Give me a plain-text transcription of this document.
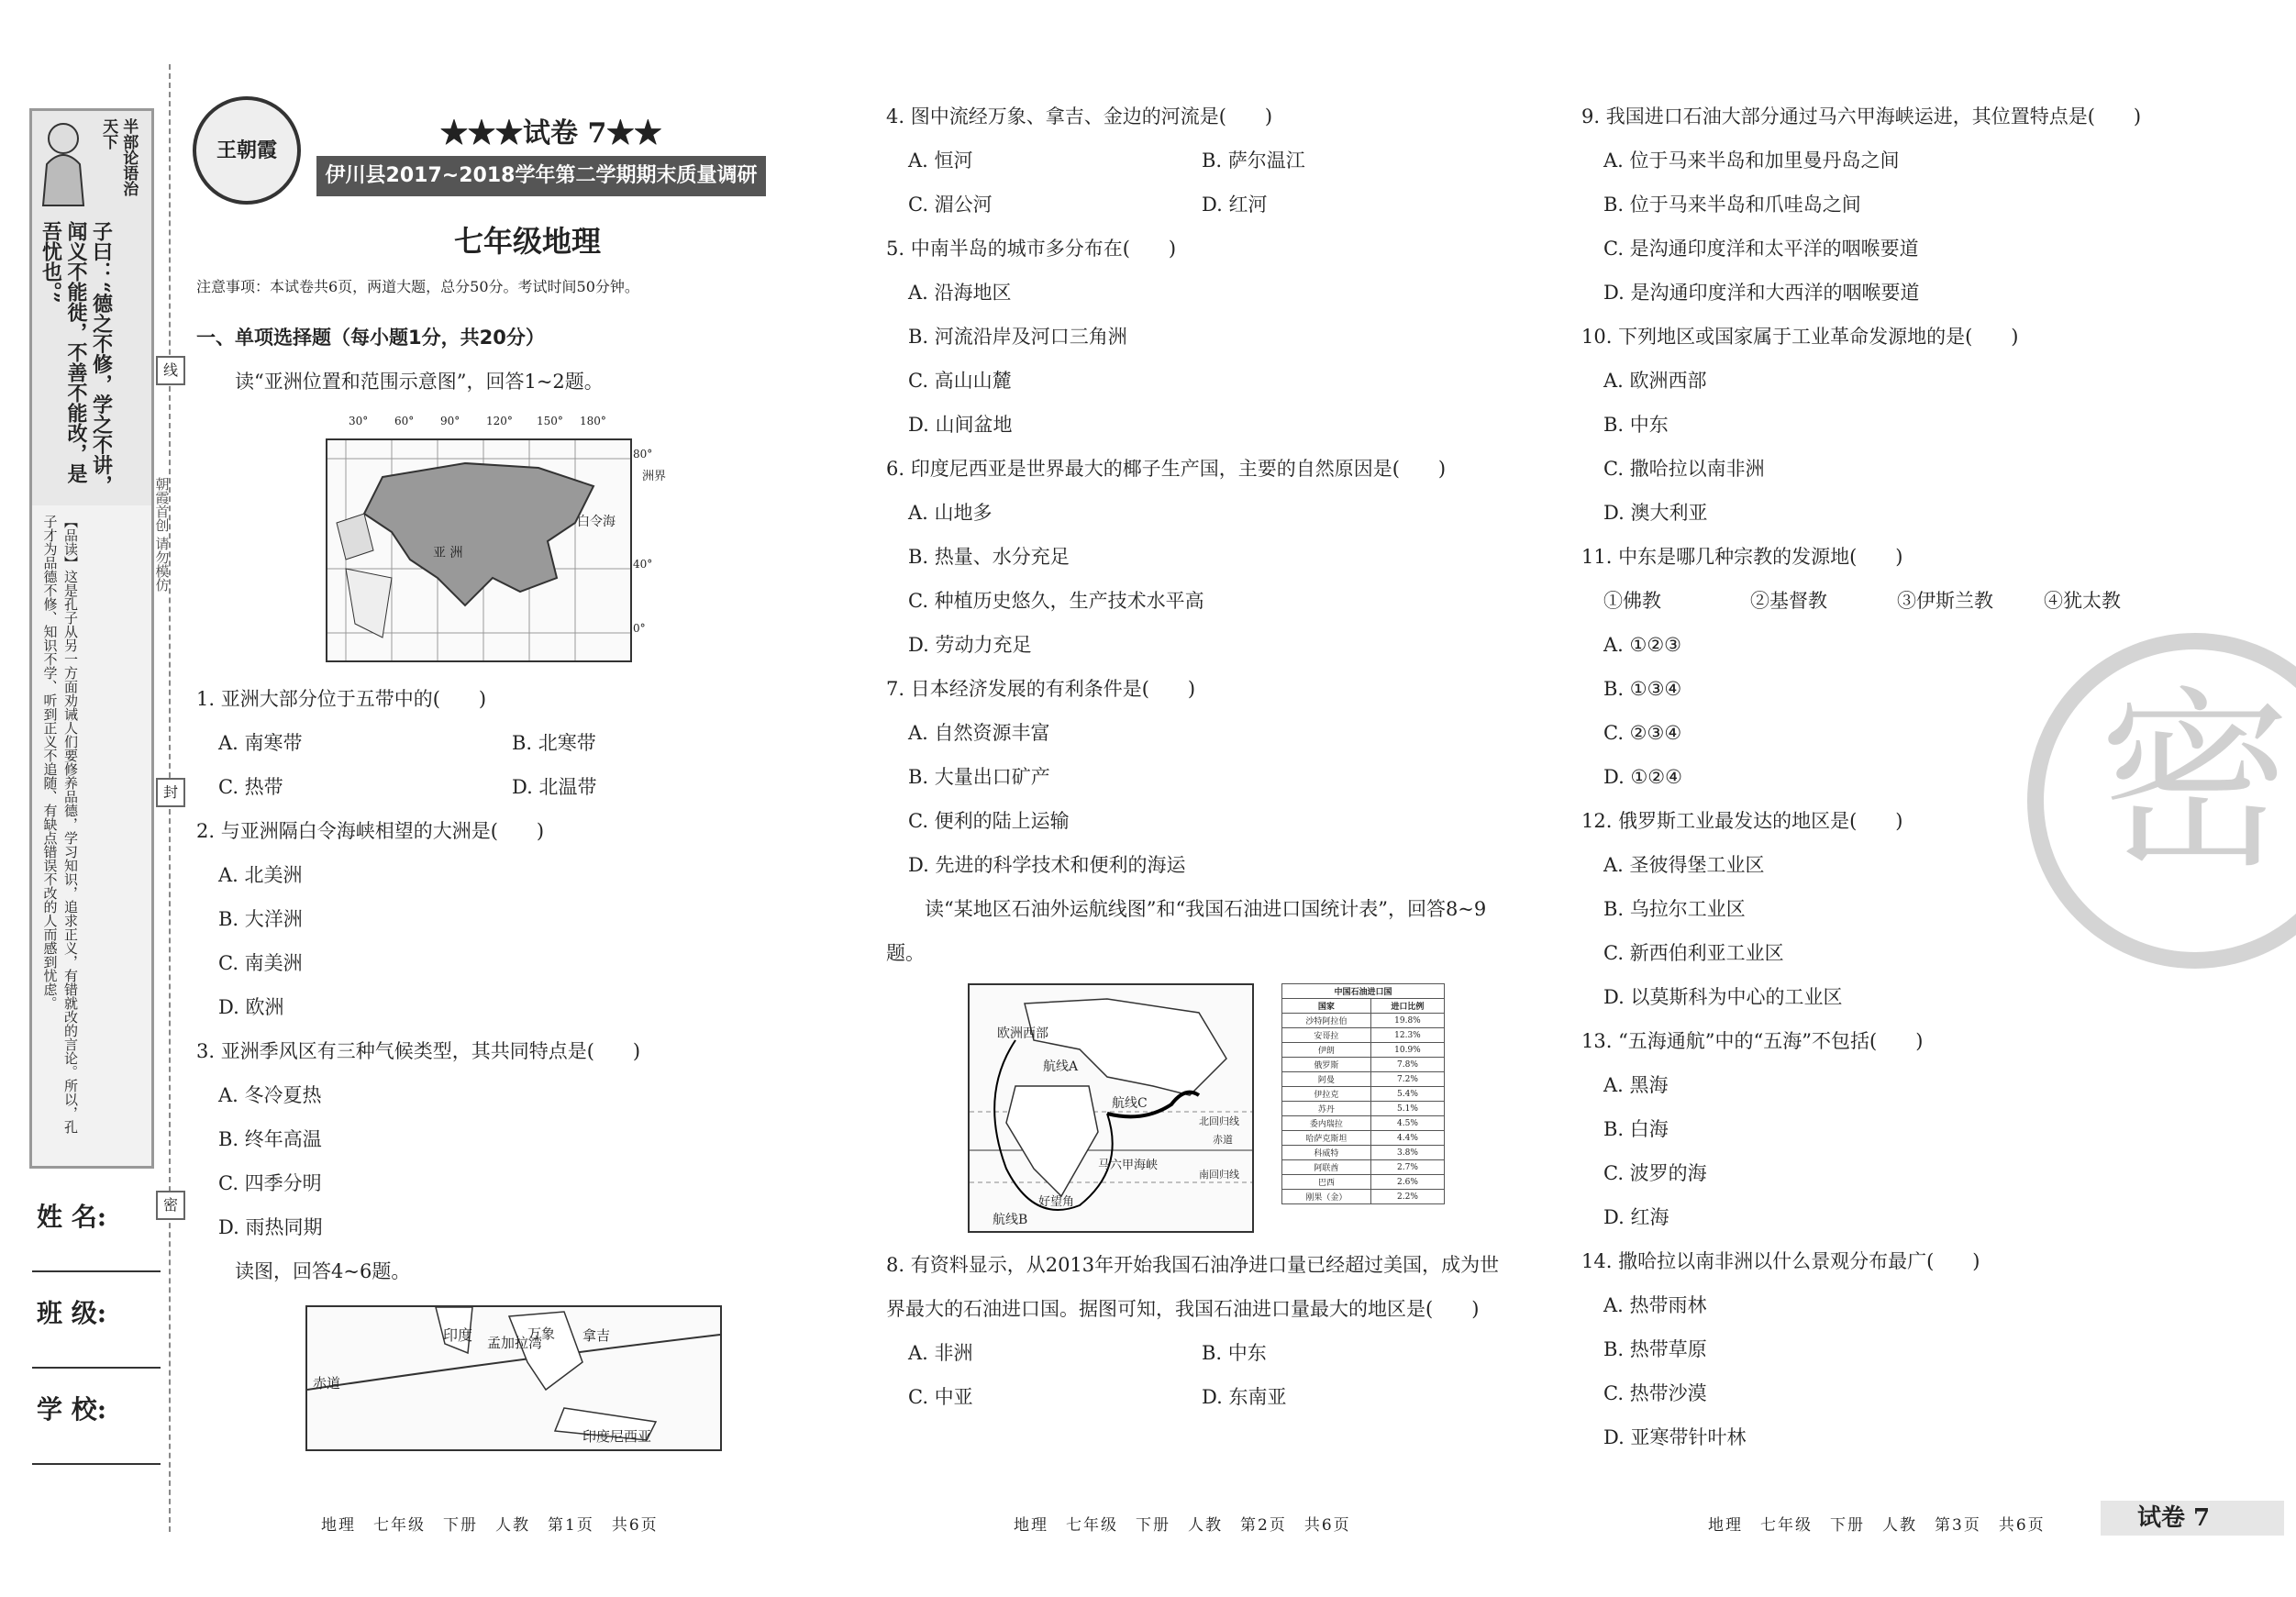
半部论语治天下
子曰：“德之不修，学之不讲，闻义不能徙，不善不能改，是吾忧也。”
【品读】这是孔子从另一方面劝诫人们要修养品德，学习知识，追求正义，有错就改的言论。所以，孔子才为品德不修、知识不学、听到正义不追随、有缺点错误不改的人而感到忧虑。	朝霞首创 请勿模仿
线
封
密
姓 名:
班 级:
学 校:
王朝霞
★★★试卷 7★★
伊川县2017~2018学年第二学期期末质量调研检测试卷
七年级地理
注意事项：本试卷共6页，两道大题，总分50分。考试时间50分钟。
一、单项选择题（每小题1分，共20分）
读“亚洲位置和范围示意图”，回答1~2题。
亚 洲
白令海
30° 60° 90° 120° 150° 180°
80°
40°
0°
洲界
1. 亚洲大部分位于五带中的(　　)
A. 南寒带	B. 北寒带
C. 热带	D. 北温带
2. 与亚洲隔白令海峡相望的大洲是(　　)
A. 北美洲
B. 大洋洲
C. 南美洲
D. 欧洲
3. 亚洲季风区有三种气候类型，其共同特点是(　　)
A. 冬冷夏热
B. 终年高温
C. 四季分明
D. 雨热同期
读图，回答4~6题。
印度 孟加拉湾
万象 拿吉
赤道
印度尼西亚
4. 图中流经万象、拿吉、金边的河流是(　　)
A. 恒河	B. 萨尔温江
C. 湄公河	D. 红河
5. 中南半岛的城市多分布在(　　)
A. 沿海地区
B. 河流沿岸及河口三角洲
C. 高山山麓
D. 山间盆地
6. 印度尼西亚是世界最大的椰子生产国，主要的自然原因是(　　)
A. 山地多
B. 热量、水分充足
C. 种植历史悠久，生产技术水平高
D. 劳动力充足
7. 日本经济发展的有利条件是(　　)
A. 自然资源丰富
B. 大量出口矿产
C. 便利的陆上运输
D. 先进的科学技术和便利的海运
读“某地区石油外运航线图”和“我国石油进口国统计表”，回答8~9题。
欧洲西部
航线A
航线C
航线B
北回归线
赤道
南回归线
马六甲海峡
好望角
中国石油进口国	
国家	进口比例
沙特阿拉伯	19.8%
安哥拉	12.3%
伊朗	10.9%
俄罗斯	7.8%
阿曼	7.2%
伊拉克	5.4%
苏丹	5.1%
委内瑞拉	4.5%
哈萨克斯坦	4.4%
科威特	3.8%
阿联酋	2.7%
巴西	2.6%
刚果（金）	2.2%
8. 有资料显示，从2013年开始我国石油净进口量已经超过美国，成为世界最大的石油进口国。据图可知，我国石油进口量最大的地区是(　　)
A. 非洲	B. 中东
C. 中亚	D. 东南亚
9. 我国进口石油大部分通过马六甲海峡运进，其位置特点是(　　)
A. 位于马来半岛和加里曼丹岛之间
B. 位于马来半岛和爪哇岛之间
C. 是沟通印度洋和太平洋的咽喉要道
D. 是沟通印度洋和大西洋的咽喉要道
10. 下列地区或国家属于工业革命发源地的是(　　)
A. 欧洲西部
B. 中东
C. 撒哈拉以南非洲
D. 澳大利亚
11. 中东是哪几种宗教的发源地(　　)
①佛教	②基督教	③伊斯兰教	④犹太教
A. ①②③
B. ①③④
C. ②③④
D. ①②④
12. 俄罗斯工业最发达的地区是(　　)
A. 圣彼得堡工业区
B. 乌拉尔工业区
C. 新西伯利亚工业区
D. 以莫斯科为中心的工业区
13. “五海通航”中的“五海”不包括(　　)
A. 黑海
B. 白海
C. 波罗的海
D. 红海
14. 撒哈拉以南非洲以什么景观分布最广(　　)
A. 热带雨林
B. 热带草原
C. 热带沙漠
D. 亚寒带针叶林
密
地理　七年级　下册　人教　第1页　共6页	地理　七年级　下册　人教　第2页　共6页	地理　七年级　下册　人教　第3页　共6页	试卷 7
